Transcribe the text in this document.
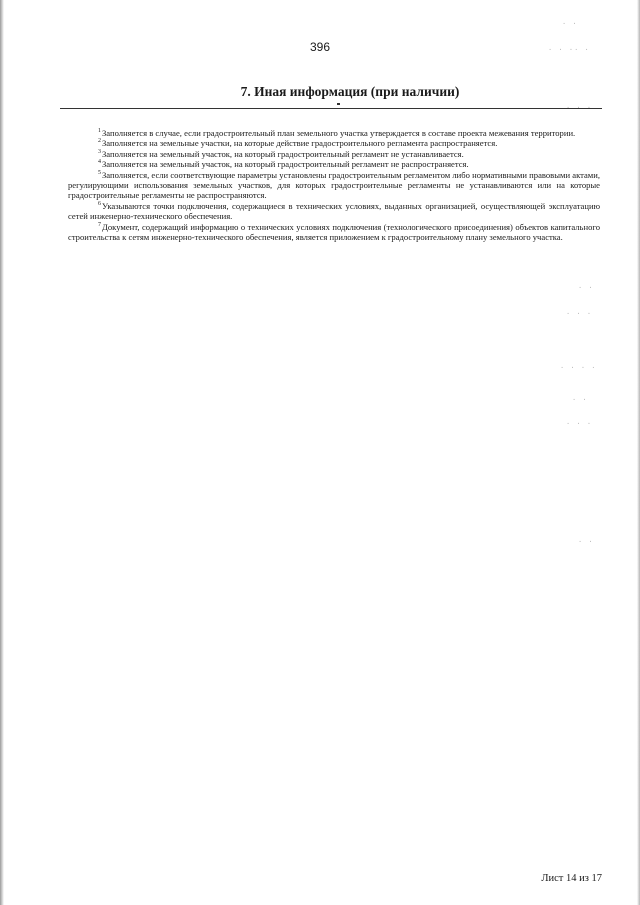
396
7. Иная информация (при наличии)

$^1$Заполняется в случае, если градостроительный план земельного участка утверждается в составе проекта межевания территории.

$^2$Заполняется на земельные участки, на которые действие градостроительного регламента распространяется.

$^3$Заполняется на земельный участок, на который градостроительный регламент не устанавливается.

$^4$Заполняется на земельный участок, на который градостроительный регламент не распространяется.

$^5$Заполняется, если соответствующие параметры установлены градостроительным регламентом либо нормативными правовыми актами, регулирующими использования земельных участков, для которых градостроительные регламенты не устанавливаются или на которые градостроительные регламенты не распространяются.

$^6$Указываются точки подключения, содержащиеся в технических условиях, выданных организацией, осуществляющей эксплуатацию сетей инженерно-технического обеспечения.

$^7$Документ, содержащий информацию о технических условиях подключения (технологического присоединения) объектов капитального строительства к сетям инженерно-технического обеспечения, является приложением к градостроительному плану земельного участка.

· ·
· · ·· ·
· · ·
· ·
· · ·
· · · ·
· ·
· · ·
· ·
Лист 14 из 17
